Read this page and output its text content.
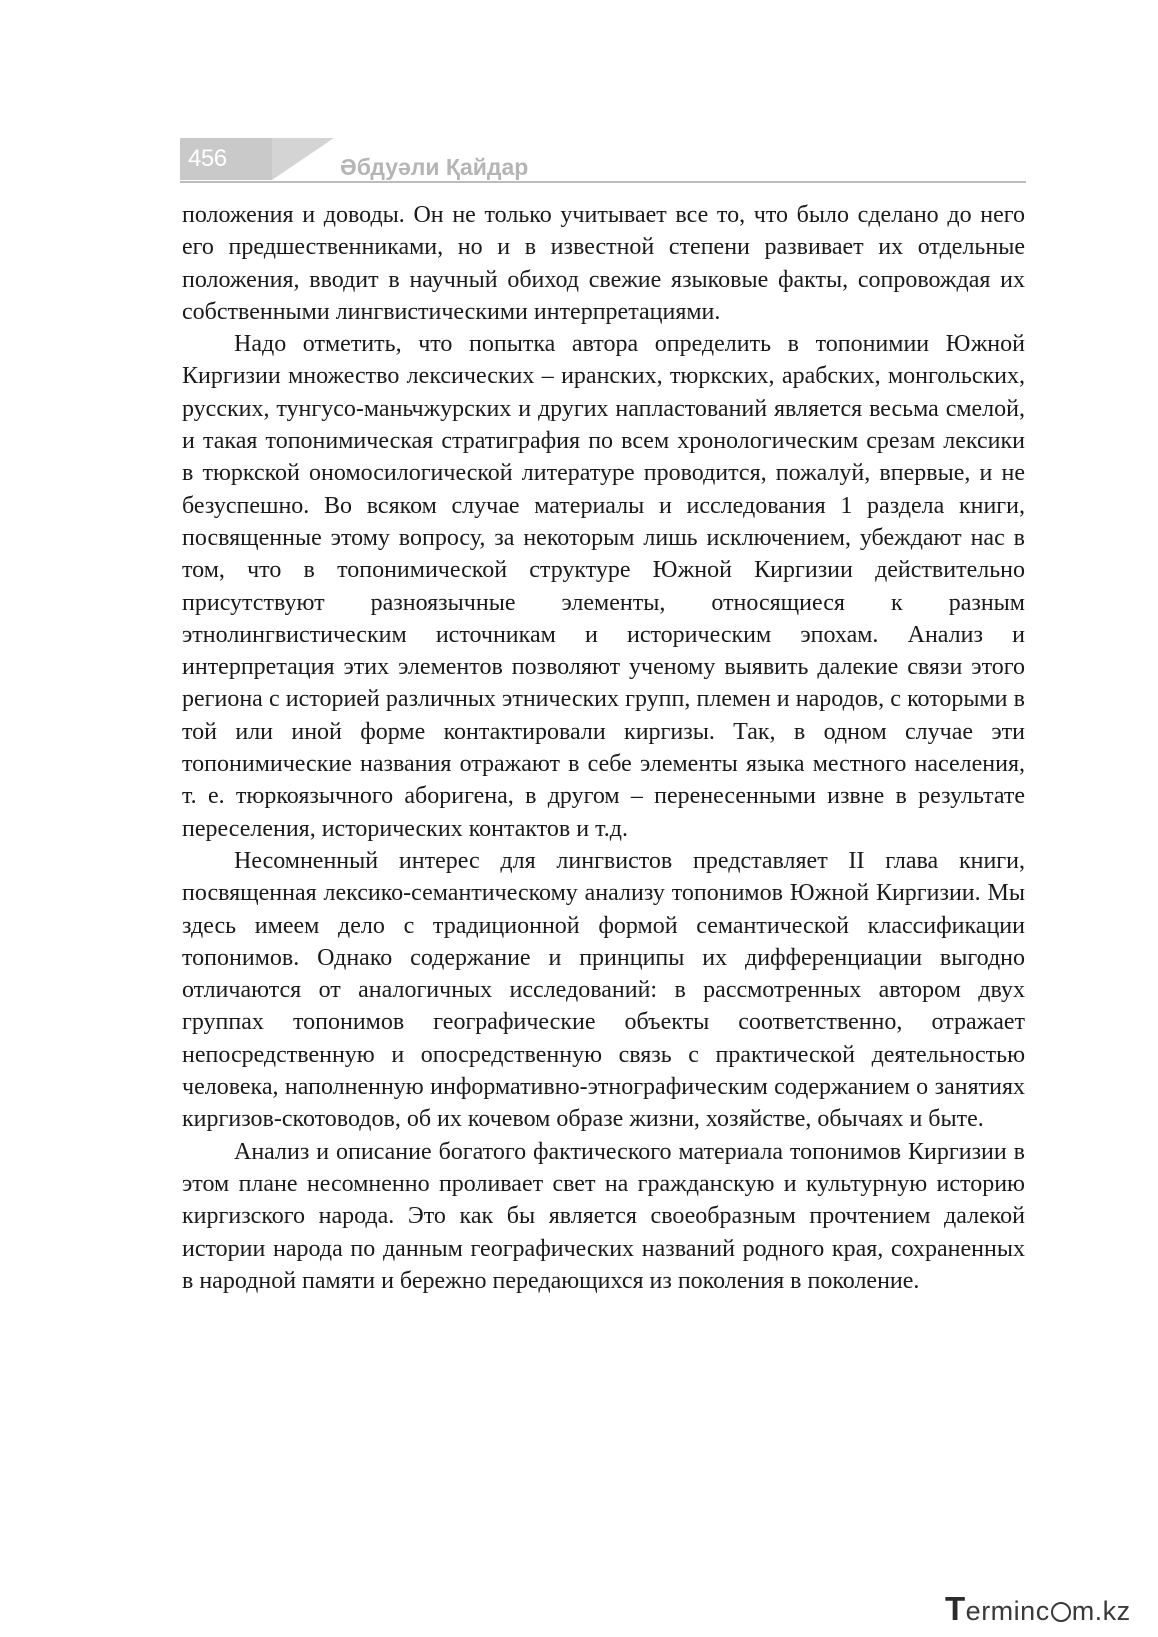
456	Әбдуәли Қайдар

положения и доводы. Он не только учитывает все то, что было сделано до него его предшественниками, но и в известной степени развивает их отдельные положения, вводит в научный обиход свежие языковые факты, сопровождая их собственными лингвистическими интерпретациями.

Надо отметить, что попытка автора определить в топонимии Южной Киргизии множество лексических – иранских, тюркских, арабских, монгольских, русских, тунгусо-маньчжурских и других напластований является весьма смелой, и такая топонимическая стратиграфия по всем хронологическим срезам лексики в тюркской ономосилогической литературе проводится, пожалуй, впервые, и не безуспешно. Во всяком случае материалы и исследования 1 раздела книги, посвященные этому вопросу, за некоторым лишь исключением, убеждают нас в том, что в топонимической структуре Южной Киргизии действительно присутствуют разноязычные элементы, относящиеся к разным этнолингвистическим источникам и историческим эпохам. Анализ и интерпретация этих элементов позволяют ученому выявить далекие связи этого региона с историей различных этнических групп, племен и народов, с которыми в той или иной форме контактировали киргизы. Так, в одном случае эти топонимические названия отражают в себе элементы языка местного населения, т. е. тюркоязычного аборигена, в другом – перенесенными извне в результате переселения, исторических контактов и т.д.

Несомненный интерес для лингвистов представляет II глава книги, посвященная лексико-семантическому анализу топонимов Южной Киргизии. Мы здесь имеем дело с традиционной формой семантической классификации топонимов. Однако содержание и принципы их дифференциации выгодно отличаются от аналогичных исследований: в рассмотренных автором двух группах топонимов географические объекты соответственно, отражает непосредственную и опосредственную связь с практической деятельностью человека, наполненную информативно-этнографическим содержанием о занятиях киргизов-скотоводов, об их кочевом образе жизни, хозяйстве, обычаях и быте.

Анализ и описание богатого фактического материала топонимов Киргизии в этом плане несомненно проливает свет на гражданскую и культурную историю киргизского народа. Это как бы является своеобразным прочтением далекой истории народа по данным географических названий родного края, сохраненных в народной памяти и бережно передающихся из поколения в поколение.

Terminc m.kz
